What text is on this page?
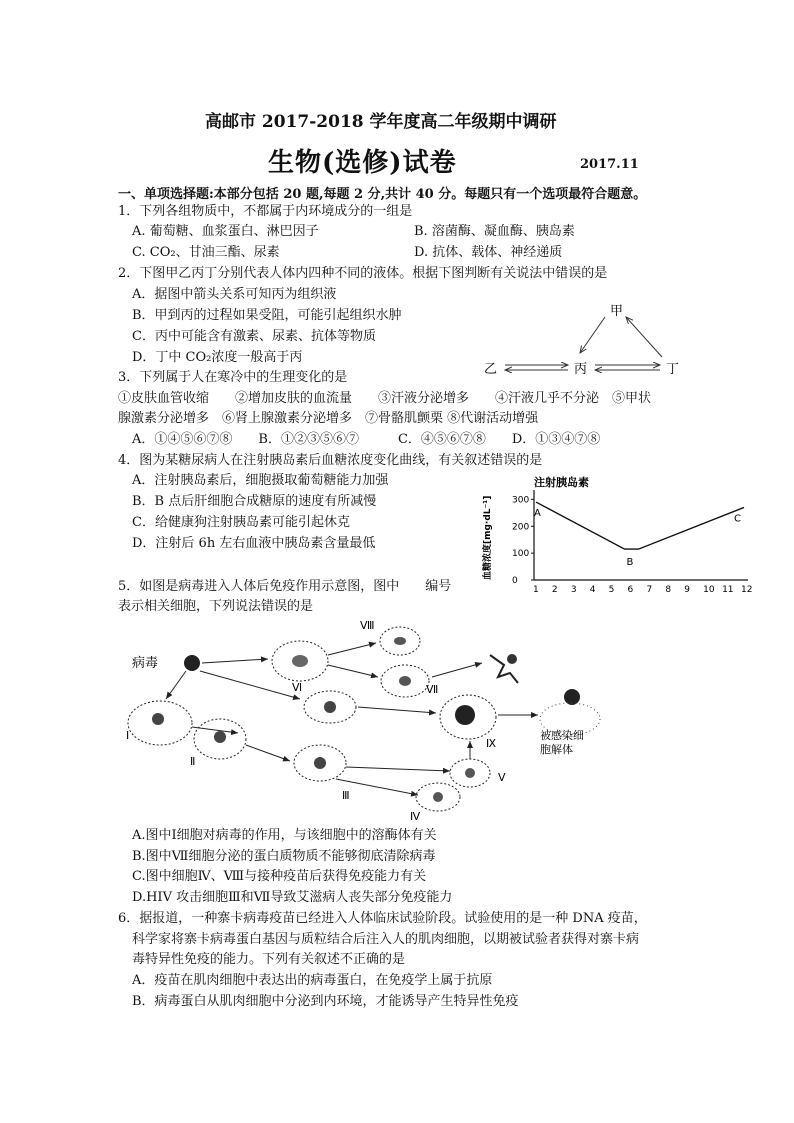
高邮市 2017-2018 学年度高二年级期中调研
生物(选修)试卷	2017.11
一、单项选择题:本部分包括 20 题,每题 2 分,共计 40 分。每题只有一个选项最符合题意。
1．下列各组物质中，不都属于内环境成分的一组是
A. 葡萄糖、血浆蛋白、淋巴因子	B. 溶菌酶、凝血酶、胰岛素
C. CO₂、甘油三酯、尿素	D. 抗体、载体、神经递质
2．下图甲乙丙丁分别代表人体内四种不同的液体。根据下图判断有关说法中错误的是
A．据图中箭头关系可知丙为组织液
B．甲到丙的过程如果受阻，可能引起组织水肿
C．丙中可能含有激素、尿素、抗体等物质
D．丁中 CO₂浓度一般高于丙
甲
乙	丙	丁
3．下列属于人在寒冷中的生理变化的是
①皮肤血管收缩　　②增加皮肤的血流量　　③汗液分泌增多　　④汗液几乎不分泌　⑤甲状
腺激素分泌增多　⑥肾上腺激素分泌增多　⑦骨骼肌颤栗 ⑧代谢活动增强
A．①④⑤⑥⑦⑧　　B．①②③⑤⑥⑦　　　C．④⑤⑥⑦⑧　　D．①③④⑦⑧
4．图为某糖尿病人在注射胰岛素后血糖浓度变化曲线，有关叙述错误的是
A．注射胰岛素后，细胞摄取葡萄糖能力加强
B．B 点后肝细胞合成糖原的速度有所减慢
C．给健康狗注射胰岛素可能引起休克
D．注射后 6h 左右血液中胰岛素含量最低
注射胰岛素
血糖浓度[mg·dL⁻¹]
1 2 3 4 5 6 7 8 9 10 11 12
0
100
200
300
A
B
C
5．如图是病毒进入人体后免疫作用示意图，图中　　编号
表示相关细胞，下列说法错误的是
病毒
Ⅵ
Ⅷ
Ⅶ
Ⅰ
Ⅱ
Ⅲ
Ⅳ
Ⅴ
Ⅸ
被感染细
胞解体
A.图中Ⅰ细胞对病毒的作用，与该细胞中的溶酶体有关
B.图中Ⅶ细胞分泌的蛋白质物质不能够彻底清除病毒
C.图中细胞Ⅳ、Ⅷ与接种疫苗后获得免疫能力有关
D.HIV 攻击细胞Ⅲ和Ⅶ导致艾滋病人丧失部分免疫能力
6．据报道，一种寨卡病毒疫苗已经进入人体临床试验阶段。试验使用的是一种 DNA 疫苗，
科学家将寨卡病毒蛋白基因与质粒结合后注入人的肌肉细胞，以期被试验者获得对寨卡病
毒特异性免疫的能力。下列有关叙述不正确的是
A．疫苗在肌肉细胞中表达出的病毒蛋白，在免疫学上属于抗原
B．病毒蛋白从肌肉细胞中分泌到内环境，才能诱导产生特异性免疫
